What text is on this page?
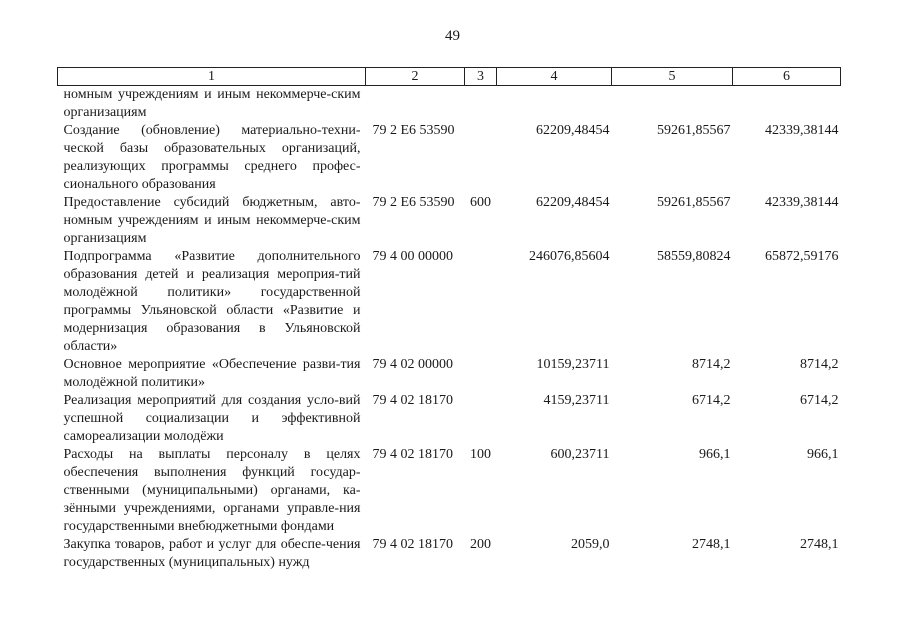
49
1	2	3	4	5	6
номным учреждениям и иным некоммерче-ским организациям					
Создание (обновление) материально-техни-ческой базы образовательных организаций, реализующих программы среднего профес-сионального образования	79 2 Е6 53590		62209,48454	59261,85567	42339,38144
Предоставление субсидий бюджетным, авто-номным учреждениям и иным некоммерче-ским организациям	79 2 Е6 53590	600	62209,48454	59261,85567	42339,38144
Подпрограмма «Развитие дополнительного образования детей и реализация мероприя-тий молодёжной политики» государственной программы Ульяновской области «Развитие и модернизация образования в Ульяновской области»	79 4 00 00000		246076,85604	58559,80824	65872,59176
Основное мероприятие «Обеспечение разви-тия молодёжной политики»	79 4 02 00000		10159,23711	8714,2	8714,2
Реализация мероприятий для создания усло-вий успешной социализации и эффективной самореализации молодёжи	79 4 02 18170		4159,23711	6714,2	6714,2
Расходы на выплаты персоналу в целях обеспечения выполнения функций государ-ственными (муниципальными) органами, ка-зёнными учреждениями, органами управле-ния государственными внебюджетными фондами	79 4 02 18170	100	600,23711	966,1	966,1
Закупка товаров, работ и услуг для обеспе-чения государственных (муниципальных) нужд	79 4 02 18170	200	2059,0	2748,1	2748,1
